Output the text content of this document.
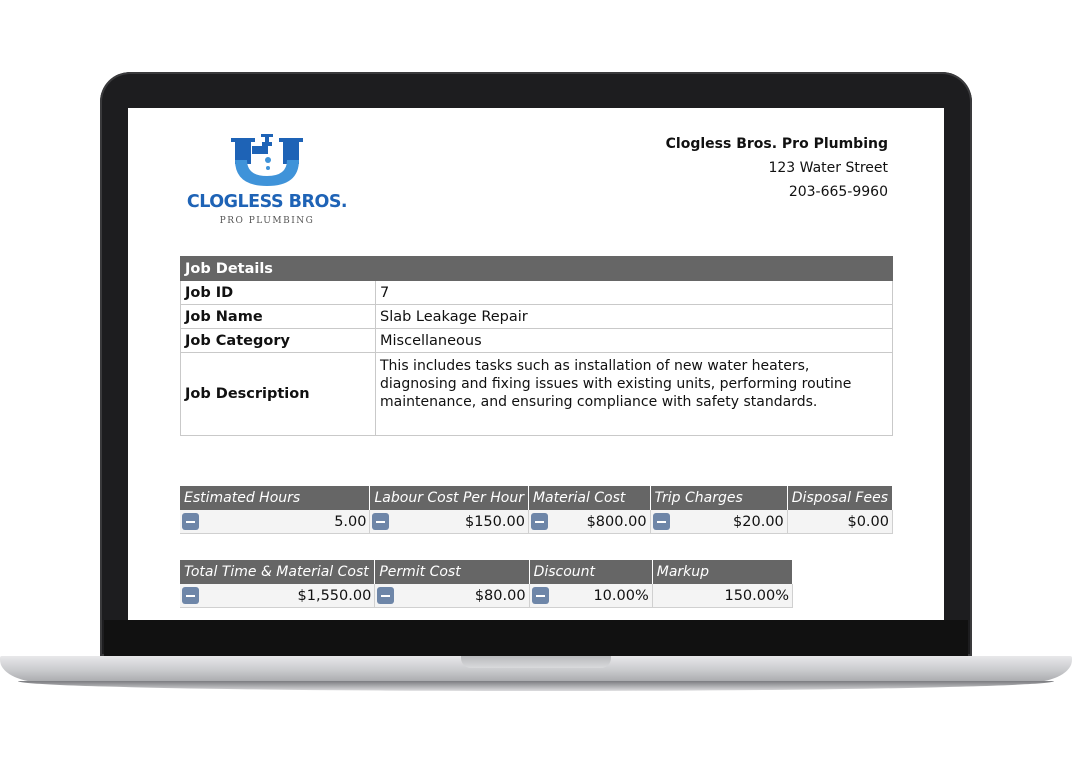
CLOGLESS BROS.
PRO PLUMBING
Clogless Bros. Pro Plumbing
123 Water Street
203-665-9960
Job Details	
Job ID	7
Job Name	Slab Leakage Repair
Job Category	Miscellaneous
Job Description	This includes tasks such as installation of new water heaters, diagnosing and fixing issues with existing units, performing routine maintenance, and ensuring compliance with safety standards.
Estimated Hours	Labour Cost Per Hour	Material Cost	Trip Charges	Disposal Fees

5.00	$150.00	$800.00	$20.00	$0.00
Total Time & Material Cost	Permit Cost	Discount	Markup

$1,550.00	$80.00	10.00%	150.00%
